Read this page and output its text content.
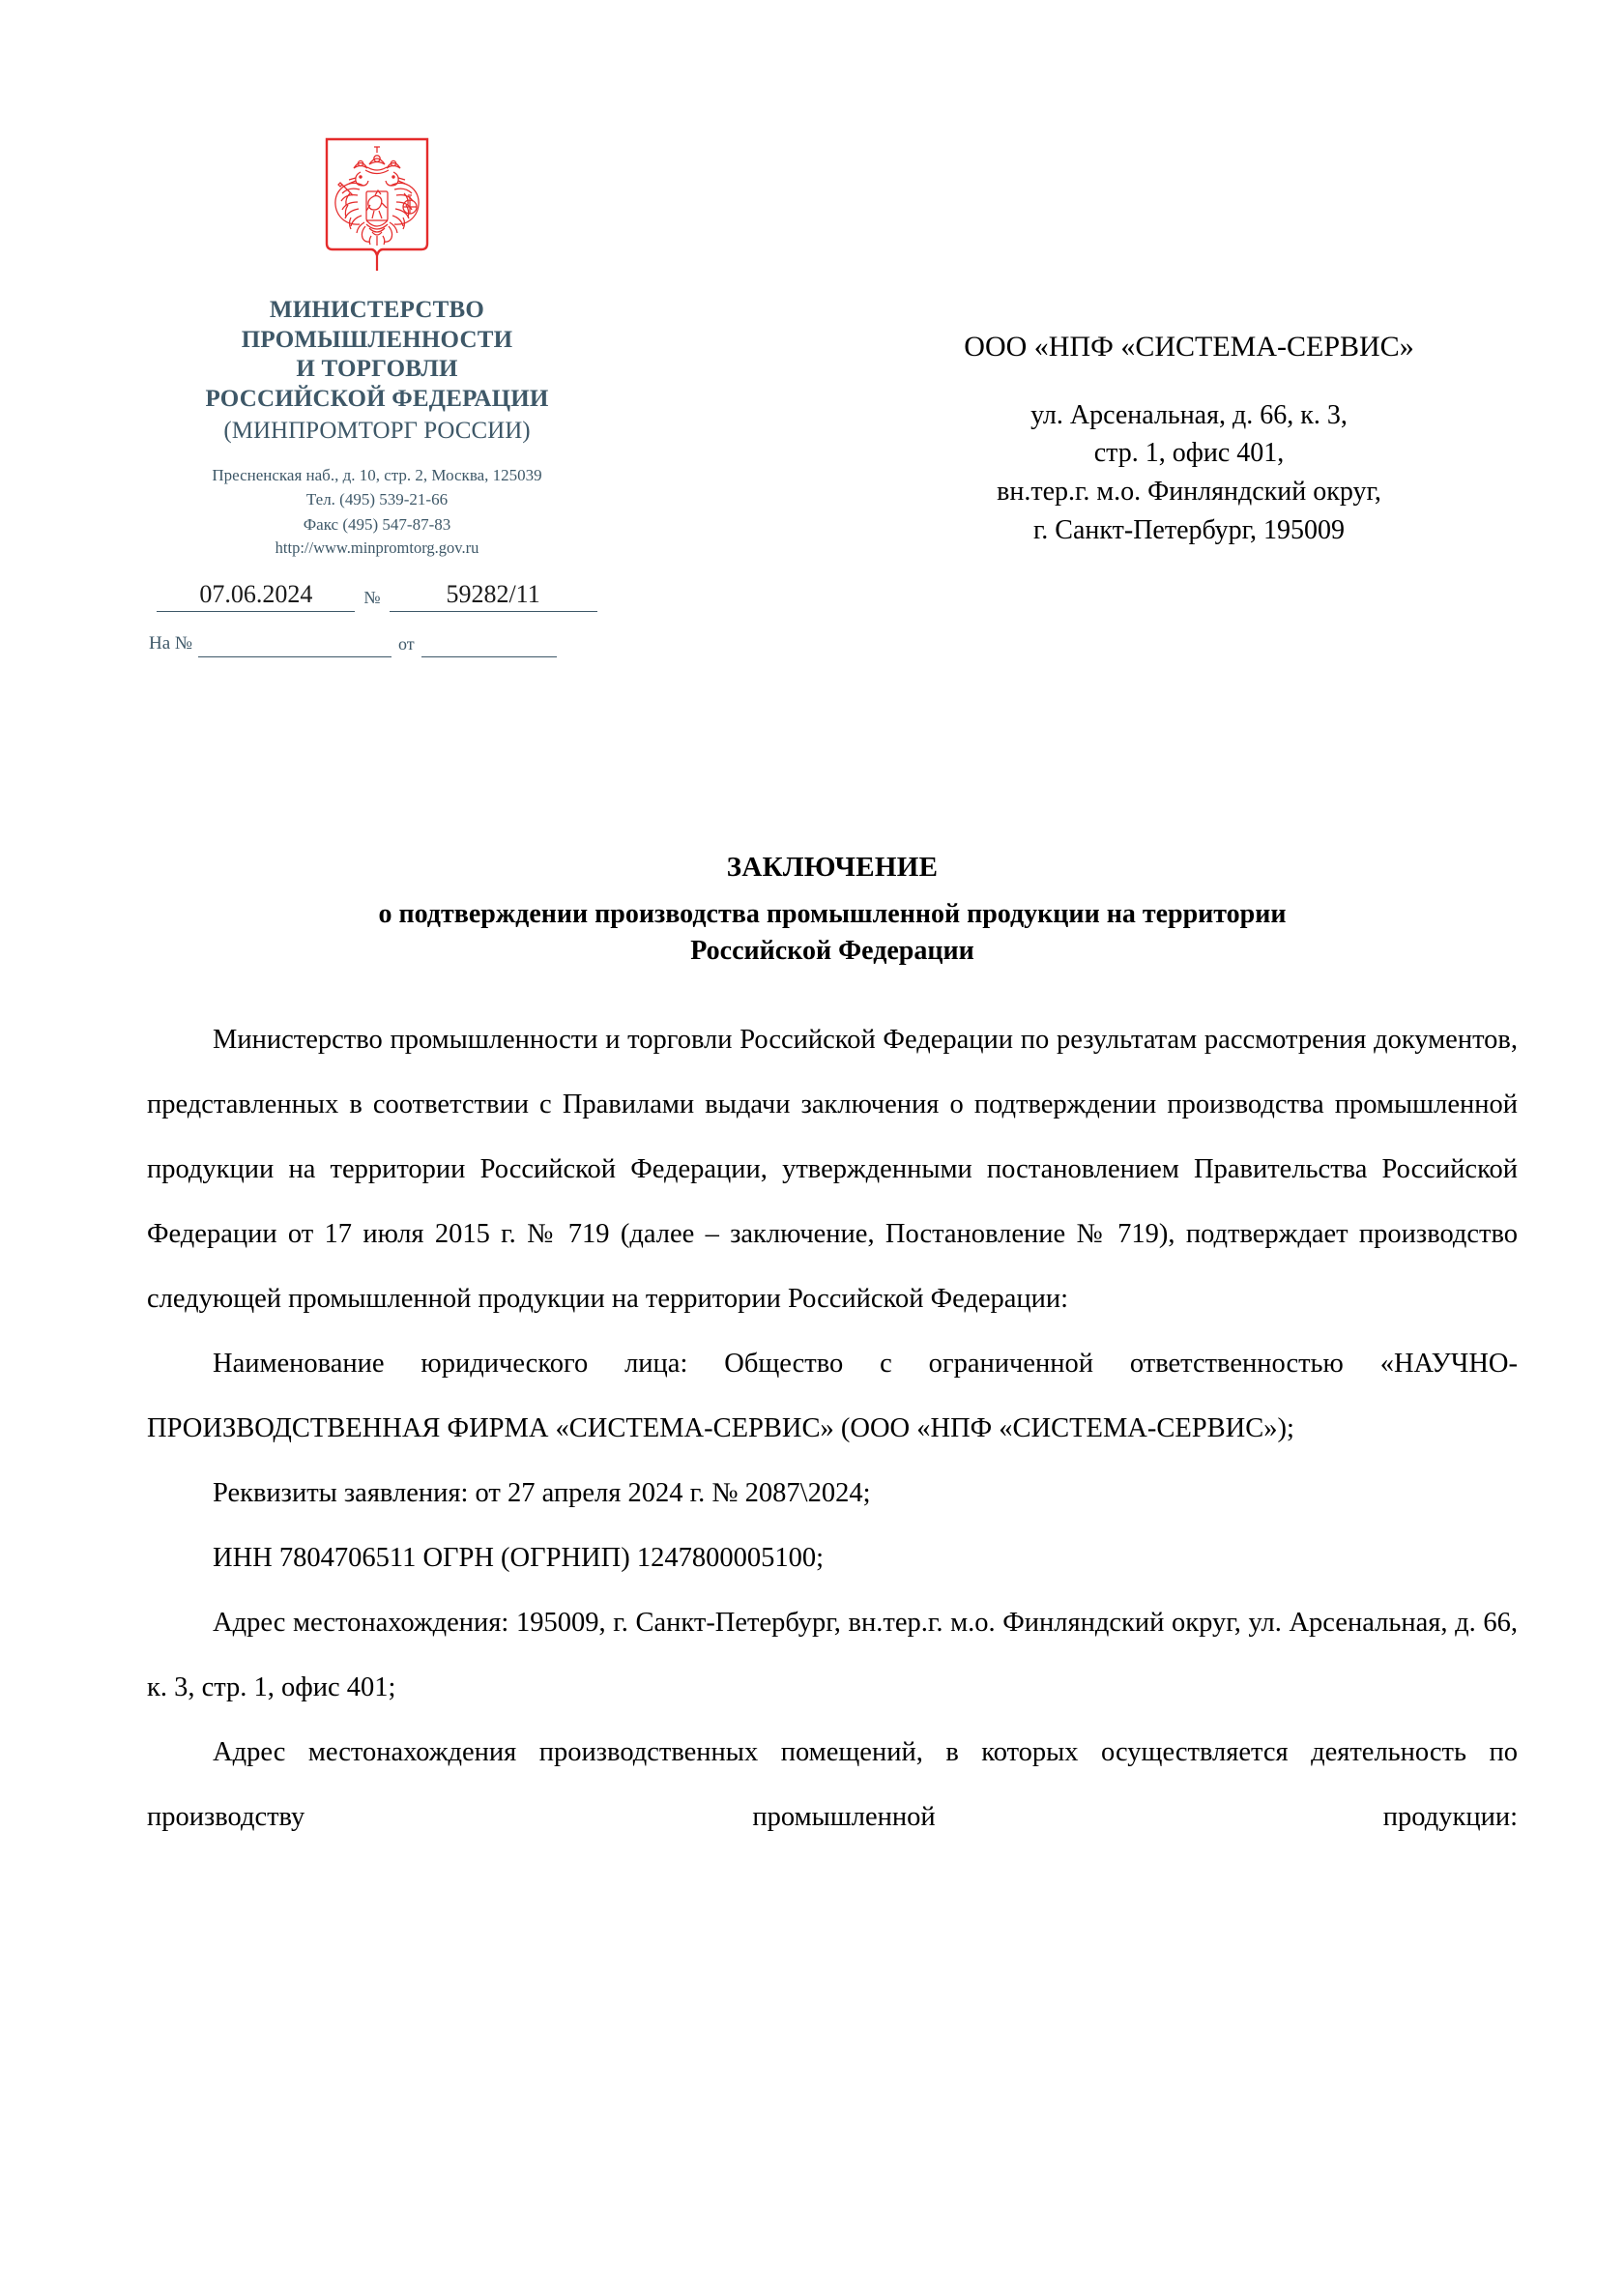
МИНИСТЕРСТВО
ПРОМЫШЛЕННОСТИ
И ТОРГОВЛИ
РОССИЙСКОЙ ФЕДЕРАЦИИ
(МИНПРОМТОРГ РОССИИ)
Пресненская наб., д. 10, стр. 2, Москва, 125039
Тел. (495) 539-21-66
Факс (495) 547-87-83
http://www.minpromtorg.gov.ru
07.06.2024	№	59282/11
На №	от
ООО «НПФ «СИСТЕМА-СЕРВИС»
ул. Арсенальная, д. 66, к. 3,
стр. 1, офис 401,
вн.тер.г. м.о. Финляндский округ,
г. Санкт-Петербург, 195009
ЗАКЛЮЧЕНИЕ
о подтверждении производства промышленной продукции на территории
Российской Федерации

Министерство промышленности и торговли Российской Федерации по результатам рассмотрения документов, представленных в соответствии с Правилами выдачи заключения о подтверждении производства промышленной продукции на территории Российской Федерации, утвержденными постановлением Правительства Российской Федерации от 17 июля 2015 г. № 719 (далее – заключение, Постановление № 719), подтверждает производство следующей промышленной продукции на территории Российской Федерации:

Наименование юридического лица: Общество с ограниченной ответственностью «НАУЧНО-ПРОИЗВОДСТВЕННАЯ ФИРМА «СИСТЕМА-СЕРВИС» (ООО «НПФ «СИСТЕМА-СЕРВИС»);

Реквизиты заявления: от 27 апреля 2024 г. № 2087\2024;

ИНН 7804706511 ОГРН (ОГРНИП) 1247800005100;

Адрес местонахождения: 195009, г. Санкт-Петербург, вн.тер.г. м.о. Финляндский округ, ул. Арсенальная, д. 66, к. 3, стр. 1, офис 401;

Адрес местонахождения производственных помещений, в которых осуществляется деятельность по производству промышленной продукции:
